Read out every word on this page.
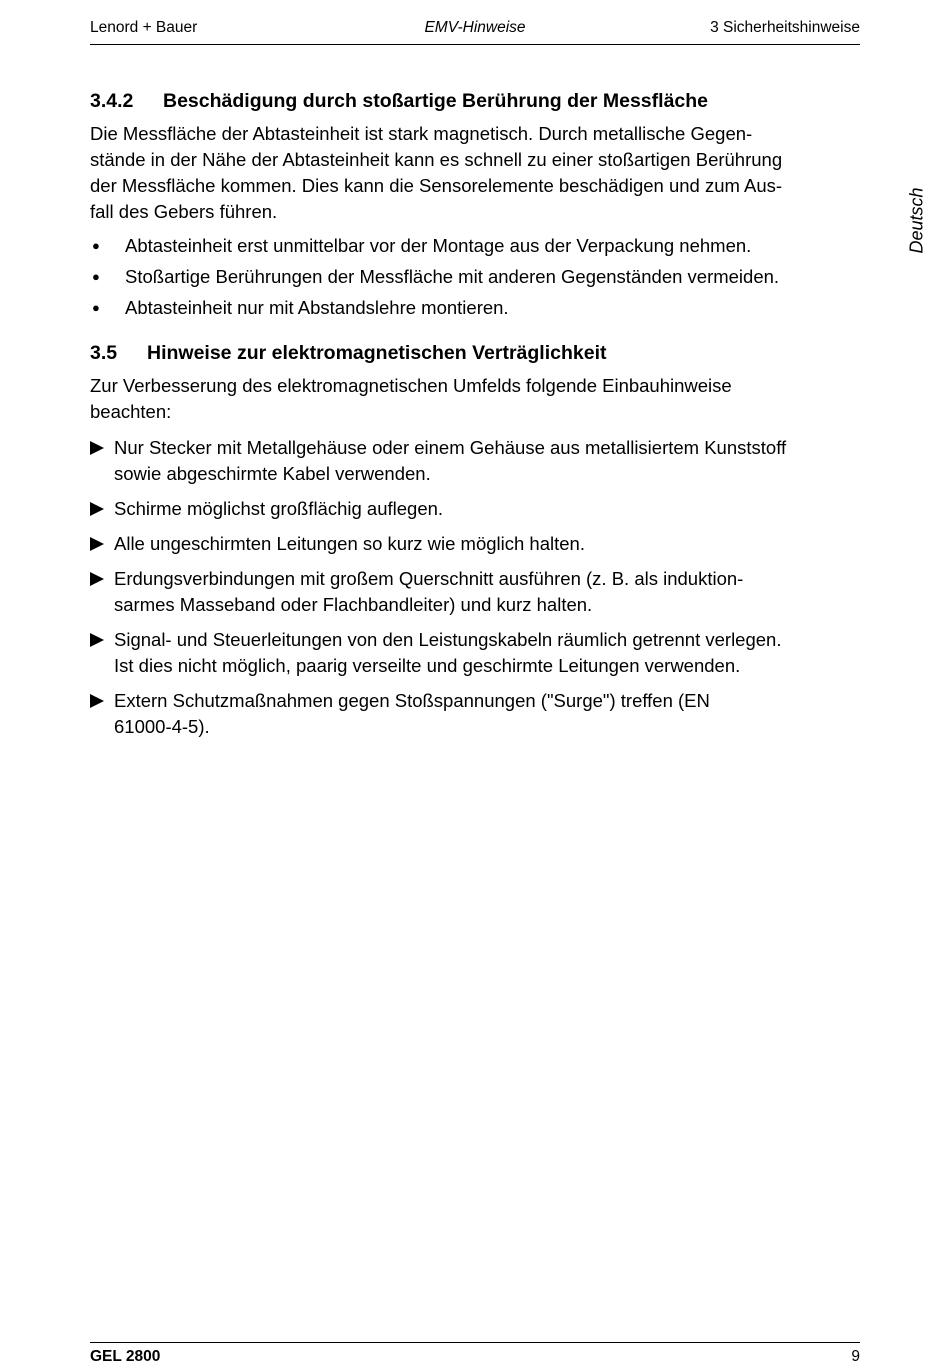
Lenord + Bauer	EMV-Hinweise	3 Sicherheitshinweise
Deutsch
3.4.2	Beschädigung durch stoßartige Berührung der Messfläche

Die Messfläche der Abtasteinheit ist stark magnetisch. Durch metallische Gegen-
stände in der Nähe der Abtasteinheit kann es schnell zu einer stoßartigen Berührung
der Messfläche kommen. Dies kann die Sensorelemente beschädigen und zum Aus-
fall des Gebers führen.

●	Abtasteinheit erst unmittelbar vor der Montage aus der Verpackung nehmen.
●	Stoßartige Berührungen der Messfläche mit anderen Gegenständen vermeiden.
●	Abtasteinheit nur mit Abstandslehre montieren.
3.5	Hinweise zur elektromagnetischen Verträglichkeit

Zur Verbesserung des elektromagnetischen Umfelds folgende Einbauhinweise
beachten:

Nur Stecker mit Metallgehäuse oder einem Gehäuse aus metallisiertem Kunststoff
sowie abgeschirmte Kabel verwenden.
Schirme möglichst großflächig auflegen.
Alle ungeschirmten Leitungen so kurz wie möglich halten.
Erdungsverbindungen mit großem Querschnitt ausführen (z. B. als induktion-
sarmes Masseband oder Flachbandleiter) und kurz halten.
Signal- und Steuerleitungen von den Leistungskabeln räumlich getrennt verlegen.
Ist dies nicht möglich, paarig verseilte und geschirmte Leitungen verwenden.
Extern Schutzmaßnahmen gegen Stoßspannungen ("Surge") treffen (EN
61000-4-5).
GEL 2800	9
